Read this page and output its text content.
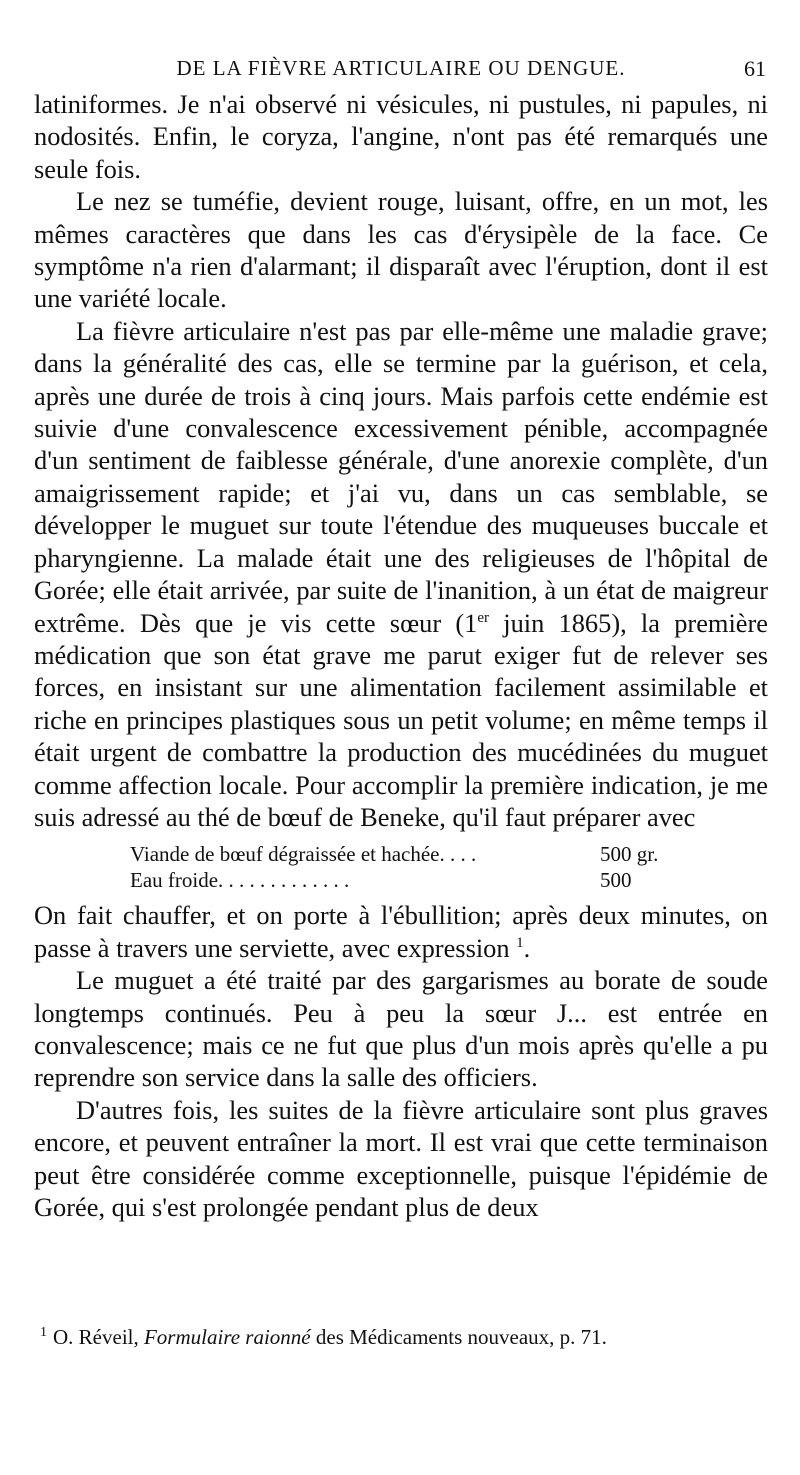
DE LA FIÈVRE ARTICULAIRE OU DENGUE.	61

latiniformes. Je n'ai observé ni vésicules, ni pustules, ni papules, ni nodosités. Enfin, le coryza, l'angine, n'ont pas été remarqués une seule fois.

Le nez se tuméfie, devient rouge, luisant, offre, en un mot, les mêmes caractères que dans les cas d'érysipèle de la face. Ce symptôme n'a rien d'alarmant; il disparaît avec l'éruption, dont il est une variété locale.

La fièvre articulaire n'est pas par elle-même une maladie grave; dans la généralité des cas, elle se termine par la guérison, et cela, après une durée de trois à cinq jours. Mais parfois cette endémie est suivie d'une convalescence excessivement pénible, accompagnée d'un sentiment de faiblesse générale, d'une anorexie complète, d'un amaigrissement rapide; et j'ai vu, dans un cas semblable, se développer le muguet sur toute l'étendue des muqueuses buccale et pharyngienne. La malade était une des religieuses de l'hôpital de Gorée; elle était arrivée, par suite de l'inanition, à un état de maigreur extrême. Dès que je vis cette sœur (1er juin 1865), la première médication que son état grave me parut exiger fut de relever ses forces, en insistant sur une alimentation facilement assimilable et riche en principes plastiques sous un petit volume; en même temps il était urgent de combattre la production des mucédinées du muguet comme affection locale. Pour accomplir la première indication, je me suis adressé au thé de bœuf de Beneke, qu'il faut préparer avec

Viande de bœuf dégraissée et hachée. . . .	500 gr.
Eau froide. . . . . . . . . . . . .	500

On fait chauffer, et on porte à l'ébullition; après deux minutes, on passe à travers une serviette, avec expression $^1$.

Le muguet a été traité par des gargarismes au borate de soude longtemps continués. Peu à peu la sœur J... est entrée en convalescence; mais ce ne fut que plus d'un mois après qu'elle a pu reprendre son service dans la salle des officiers.

D'autres fois, les suites de la fièvre articulaire sont plus graves encore, et peuvent entraîner la mort. Il est vrai que cette terminaison peut être considérée comme exceptionnelle, puisque l'épidémie de Gorée, qui s'est prolongée pendant plus de deux

$^1$ O. Réveil, Formulaire raionné des Médicaments nouveaux, p. 71.
